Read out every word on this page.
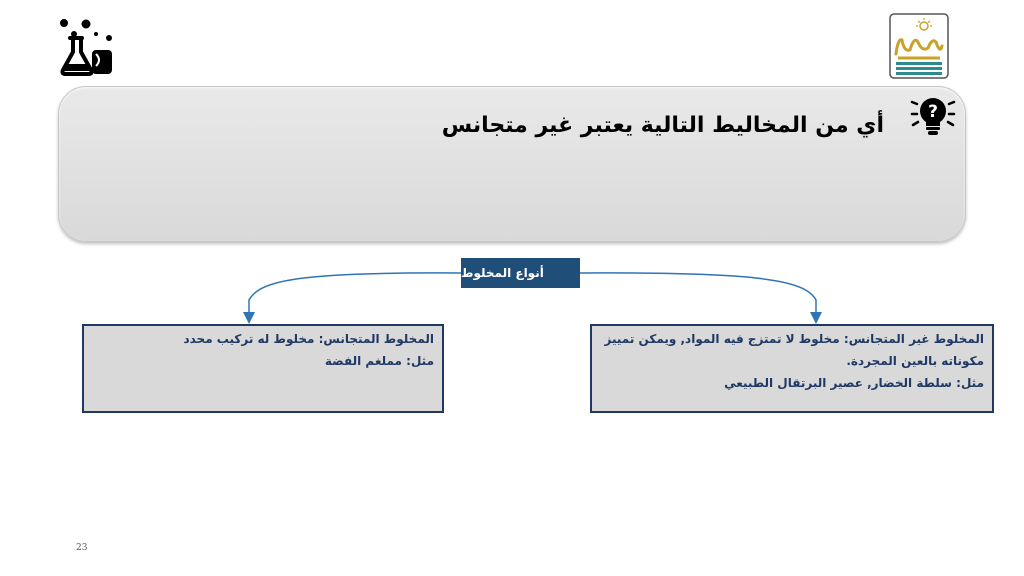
?
أي من المخاليط التالية يعتبر غير متجانس
أنواع المخلوط
المخلوط غير المتجانس: مخلوط لا تمتزج فيه المواد, ويمكن تمييز
مكوناته بالعين المجردة.
مثل: سلطة الخضار, عصير البرتقال الطبيعي
المخلوط المتجانس: مخلوط له تركيب محدد
مثل: مملغم الفضة
23
